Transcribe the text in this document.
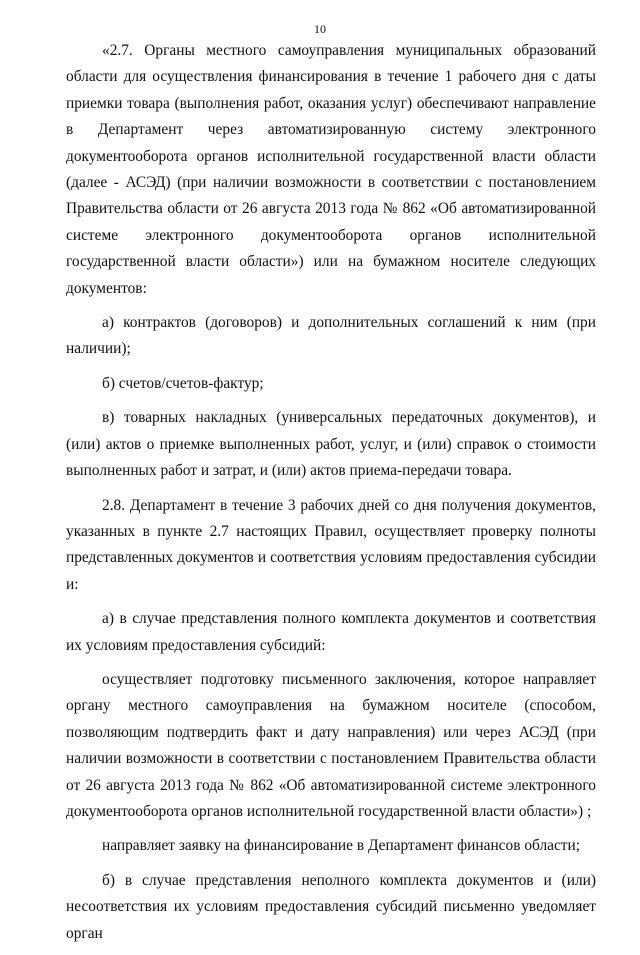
10

«2.7. Органы местного самоуправления муниципальных образований области для осуществления финансирования в течение 1 рабочего дня с даты приемки товара (выполнения работ, оказания услуг) обеспечивают направление в Департамент через автоматизированную систему электронного документооборота органов исполнительной государственной власти области (далее - АСЭД) (при наличии возможности в соответствии с постановлением Правительства области от 26 августа 2013 года № 862 «Об автоматизированной системе электронного документооборота органов исполнительной государственной власти области») или на бумажном носителе следующих документов:

а) контрактов (договоров) и дополнительных соглашений к ним (при наличии);

б) счетов/счетов-фактур;

в) товарных накладных (универсальных передаточных документов), и (или) актов о приемке выполненных работ, услуг, и (или) справок о стоимости выполненных работ и затрат, и (или) актов приема-передачи товара.

2.8. Департамент в течение 3 рабочих дней со дня получения документов, указанных в пункте 2.7 настоящих Правил, осуществляет проверку полноты представленных документов и соответствия условиям предоставления субсидии и:

а) в случае представления полного комплекта документов и соответствия их условиям предоставления субсидий:

осуществляет подготовку письменного заключения, которое направляет органу местного самоуправления на бумажном носителе (способом, позволяющим подтвердить факт и дату направления) или через АСЭД (при наличии возможности в соответствии с постановлением Правительства области от 26 августа 2013 года № 862 «Об автоматизированной системе электронного документооборота органов исполнительной государственной власти области») ;

направляет заявку на финансирование в Департамент финансов области;

б) в случае представления неполного комплекта документов и (или) несоответствия их условиям предоставления субсидий письменно уведомляет орган
